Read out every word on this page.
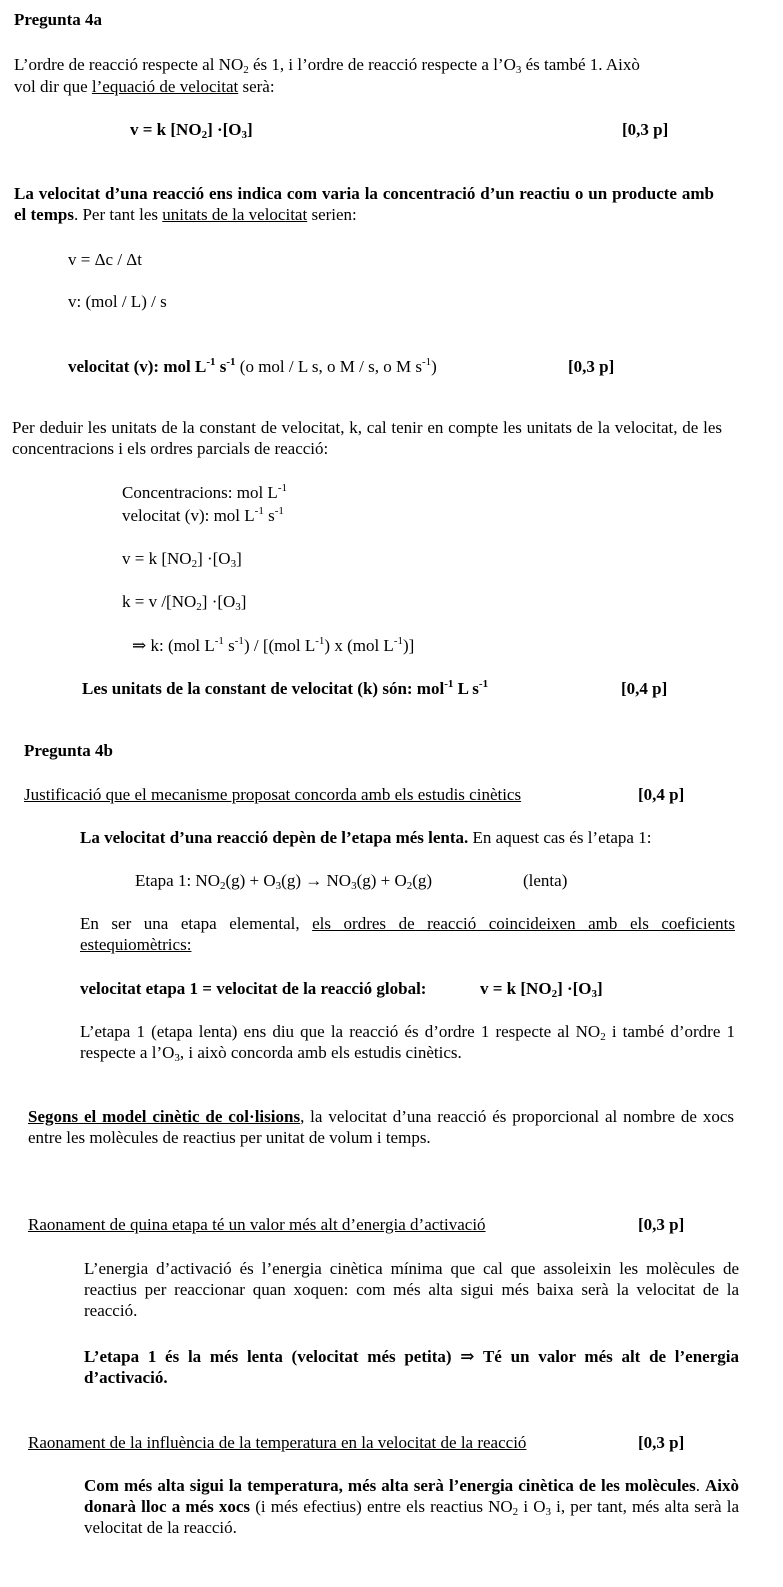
Pregunta 4a
L’ordre de reacció respecte al $NO_2$ és 1, i l’ordre de reacció respecte a $l’O_3$ és també 1. Això
vol dir que l’equació de velocitat serà:
v = k $[NO_2] \cdot[O_3]$	[0,3 p]
La velocitat d’una reacció ens indica com varia la concentració d’un reactiu o un producte amb el temps. Per tant les unitats de la velocitat serien:
v = Δc / Δt
v: (mol / L) / s
velocitat (v): mol $L^{-1}$ $s^{-1}$ (o mol / L s, o M / s, o M $s^{-1}$)	[0,3 p]
Per deduir les unitats de la constant de velocitat, k, cal tenir en compte les unitats de la velocitat, de les concentracions i els ordres parcials de reacció:
Concentracions: mol $L^{-1}$
velocitat (v): mol $L^{-1}$ $s^{-1}$
v = k $[NO_2] \cdot[O_3]$
k = v $/[NO_2] \cdot[O_3]$
⇒ k: (mol $L^{-1}$ $s^{-1}) / [(mol$ $L^{-1}$) x (mol $L^{-1}$)]
Les unitats de la constant de velocitat (k) són: mol$^{-1}$ L $s^{-1}$	[0,4 p]
Pregunta 4b
Justificació que el mecanisme proposat concorda amb els estudis cinètics	[0,4 p]
La velocitat d’una reacció depèn de l’etapa més lenta. En aquest cas és l’etapa 1:
Etapa 1: $NO_2(g) + O_3(g) \to NO_3(g) + O_2(g)$	(lenta)
En ser una etapa elemental, els ordres de reacció coincideixen amb els coeficients estequiomètrics:
velocitat etapa 1 = velocitat de la reacció global:	v = k $[NO_2] \cdot[O_3]$
L’etapa 1 (etapa lenta) ens diu que la reacció és d’ordre 1 respecte al $NO_2$ i també d’ordre 1 respecte a $l’O_3$, i això concorda amb els estudis cinètics.
Segons el model cinètic de col·lisions, la velocitat d’una reacció és proporcional al nombre de xocs entre les molècules de reactius per unitat de volum i temps.
Raonament de quina etapa té un valor més alt d’energia d’activació	[0,3 p]
L’energia d’activació és l’energia cinètica mínima que cal que assoleixin les molècules de reactius per reaccionar quan xoquen: com més alta sigui més baixa serà la velocitat de la reacció.
L’etapa 1 és la més lenta (velocitat més petita) ⇒ Té un valor més alt de l’energia d’activació.
Raonament de la influència de la temperatura en la velocitat de la reacció	[0,3 p]
Com més alta sigui la temperatura, més alta serà l’energia cinètica de les molècules. Això donarà lloc a més xocs (i més efectius) entre els reactius $NO_2$ i $O_3$ i, per tant, més alta serà la velocitat de la reacció.
